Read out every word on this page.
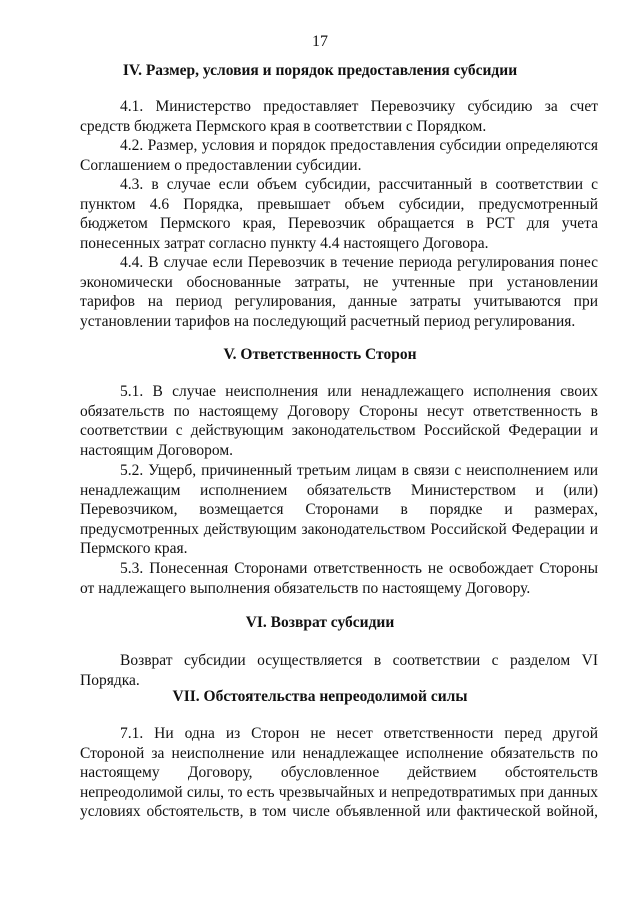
17
IV. Размер, условия и порядок предоставления субсидии
4.1. Министерство предоставляет Перевозчику субсидию за счет средств бюджета Пермского края в соответствии с Порядком.
4.2. Размер, условия и порядок предоставления субсидии определяются Соглашением о предоставлении субсидии.
4.3. в случае если объем субсидии, рассчитанный в соответствии с пунктом 4.6 Порядка, превышает объем субсидии, предусмотренный бюджетом Пермского края, Перевозчик обращается в РСТ для учета понесенных затрат согласно пункту 4.4 настоящего Договора.
4.4. В случае если Перевозчик в течение периода регулирования понес экономически обоснованные затраты, не учтенные при установлении тарифов на период регулирования, данные затраты учитываются при установлении тарифов на последующий расчетный период регулирования.
V. Ответственность Сторон
5.1. В случае неисполнения или ненадлежащего исполнения своих обязательств по настоящему Договору Стороны несут ответственность в соответствии с действующим законодательством Российской Федерации и настоящим Договором.
5.2. Ущерб, причиненный третьим лицам в связи с неисполнением или ненадлежащим исполнением обязательств Министерством и (или) Перевозчиком, возмещается Сторонами в порядке и размерах, предусмотренных действующим законодательством Российской Федерации и Пермского края.
5.3. Понесенная Сторонами ответственность не освобождает Стороны от надлежащего выполнения обязательств по настоящему Договору.
VI. Возврат субсидии
Возврат субсидии осуществляется в соответствии с разделом VI Порядка.
VII. Обстоятельства непреодолимой силы
7.1. Ни одна из Сторон не несет ответственности перед другой Стороной за неисполнение или ненадлежащее исполнение обязательств по настоящему Договору, обусловленное действием обстоятельств непреодолимой силы, то есть чрезвычайных и непредотвратимых при данных условиях обстоятельств, в том числе объявленной или фактической войной,
